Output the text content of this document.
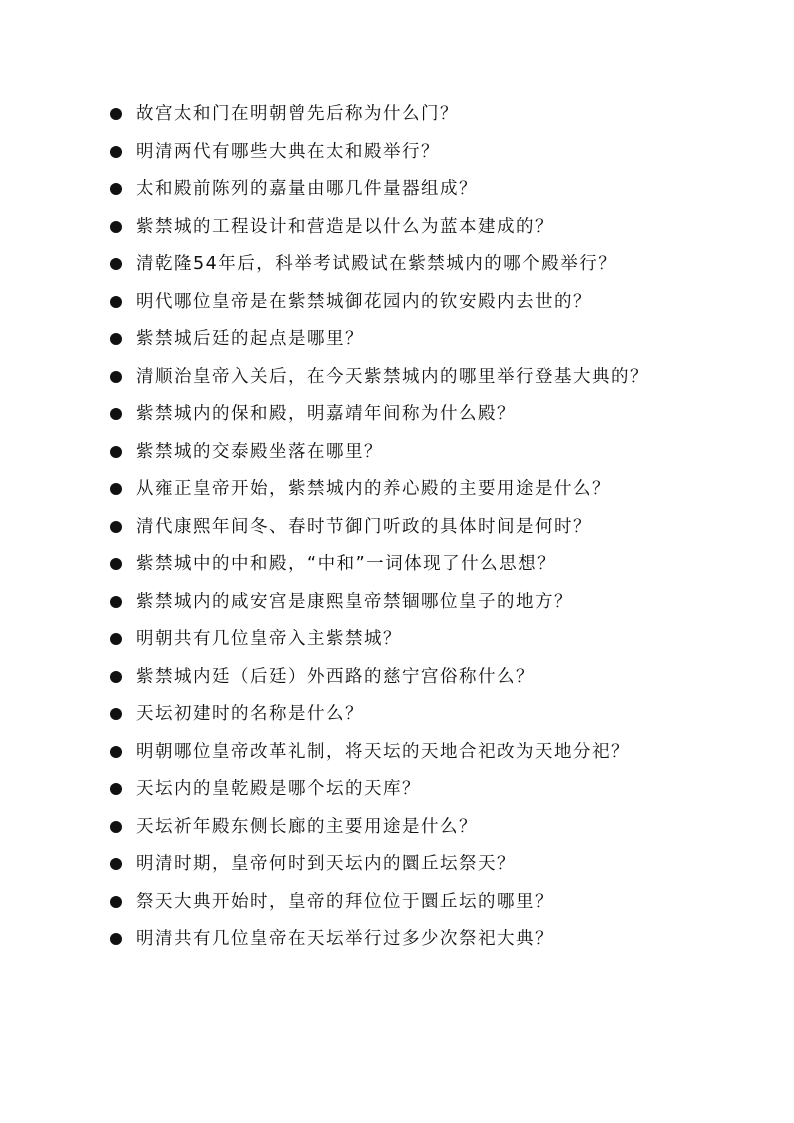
故宫太和门在明朝曾先后称为什么门？
明清两代有哪些大典在太和殿举行？
太和殿前陈列的嘉量由哪几件量器组成？
紫禁城的工程设计和营造是以什么为蓝本建成的？
清乾隆54年后，科举考试殿试在紫禁城内的哪个殿举行？
明代哪位皇帝是在紫禁城御花园内的钦安殿内去世的？
紫禁城后廷的起点是哪里？
清顺治皇帝入关后，在今天紫禁城内的哪里举行登基大典的？
紫禁城内的保和殿，明嘉靖年间称为什么殿？
紫禁城的交泰殿坐落在哪里？
从雍正皇帝开始，紫禁城内的养心殿的主要用途是什么？
清代康熙年间冬、春时节御门听政的具体时间是何时？
紫禁城中的中和殿，“中和”一词体现了什么思想？
紫禁城内的咸安宫是康熙皇帝禁锢哪位皇子的地方？
明朝共有几位皇帝入主紫禁城？
紫禁城内廷（后廷）外西路的慈宁宫俗称什么？
天坛初建时的名称是什么？
明朝哪位皇帝改革礼制，将天坛的天地合祀改为天地分祀？
天坛内的皇乾殿是哪个坛的天库？
天坛祈年殿东侧长廊的主要用途是什么？
明清时期，皇帝何时到天坛内的圜丘坛祭天？
祭天大典开始时，皇帝的拜位位于圜丘坛的哪里？
明清共有几位皇帝在天坛举行过多少次祭祀大典？
